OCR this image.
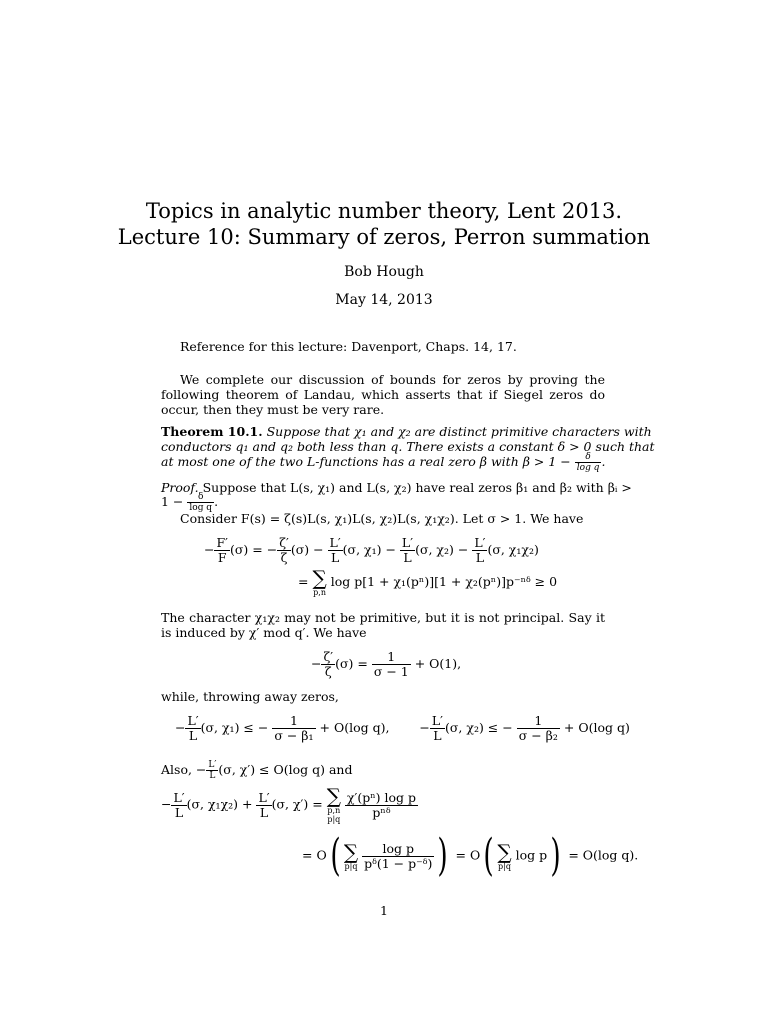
Topics in analytic number theory, Lent 2013.
Lecture 10: Summary of zeros, Perron summation
Bob Hough
May 14, 2013
Reference for this lecture: Davenport, Chaps. 14, 17.
We complete our discussion of bounds for zeros by proving the following theorem of Landau, which asserts that if Siegel zeros do occur, then they must be very rare.
Theorem 10.1. Suppose that χ₁ and χ₂ are distinct primitive characters with
conductors q₁ and q₂ both less than q. There exists a constant δ > 0 such that
at most one of the two L-functions has a real zero β with $\beta > 1 - \frac{\delta}{\text{log q}}$ .
Proof. Suppose that L(s, χ₁) and L(s, χ₂) have real zeros β₁ and β₂ with βᵢ >
$1 - \frac{\delta}{\text{log q}}$ .
Consider F(s) = ζ(s)L(s, χ₁)L(s, χ₂)L(s, χ₁χ₂). Let σ > 1. We have
− $\frac{F'}{F} (\sigma)$ = − $\frac{\zeta'}{\zeta} (\sigma) - \frac{L'}{L} (\sigma$, $\chi_1) - \frac{L'}{L} (\sigma$, $\chi_2) - \frac{L'}{L} (\sigma$, χ₁χ₂)
= ∑
p,n
log p[1 + χ₁(pⁿ)][1 + χ₂(pⁿ)]p⁻ⁿᵟ ≥ 0
The character χ₁χ₂ may not be primitive, but it is not principal. Say it is induced by χ′ mod q′. We have
− $\frac{\zeta'}{\zeta} (\sigma) = \frac{1}{\sigma - 1} + O(1)$,
while, throwing away zeros,
− $\frac{L'}{L} (\sigma$, χ₁) ≤ − $\frac{1}{\text{σ − β₁}} + O(\log$ q),  − $\frac{L'}{L} (\sigma$, χ₂) ≤ − $\frac{1}{\text{σ − β₂}} + O(\log$ q)
Also, − $\frac{L'}{L} (\sigma$, χ′) ≤ O(log q) and
− $\frac{L'}{L} (\sigma$, $\chi_1\chi_2) + \frac{L'}{L} (\sigma$, χ′) = ∑
p,n
p|q
$\frac{\text{χ′(pⁿ) log p}}{\text{pⁿᵟ}}$
= O( ∑
p|q
$\frac{\text{log p}}{\text{pᵟ(1 − p⁻ᵟ)}}$ ) = O( ∑
p|q
log p) = O(log q).
1
